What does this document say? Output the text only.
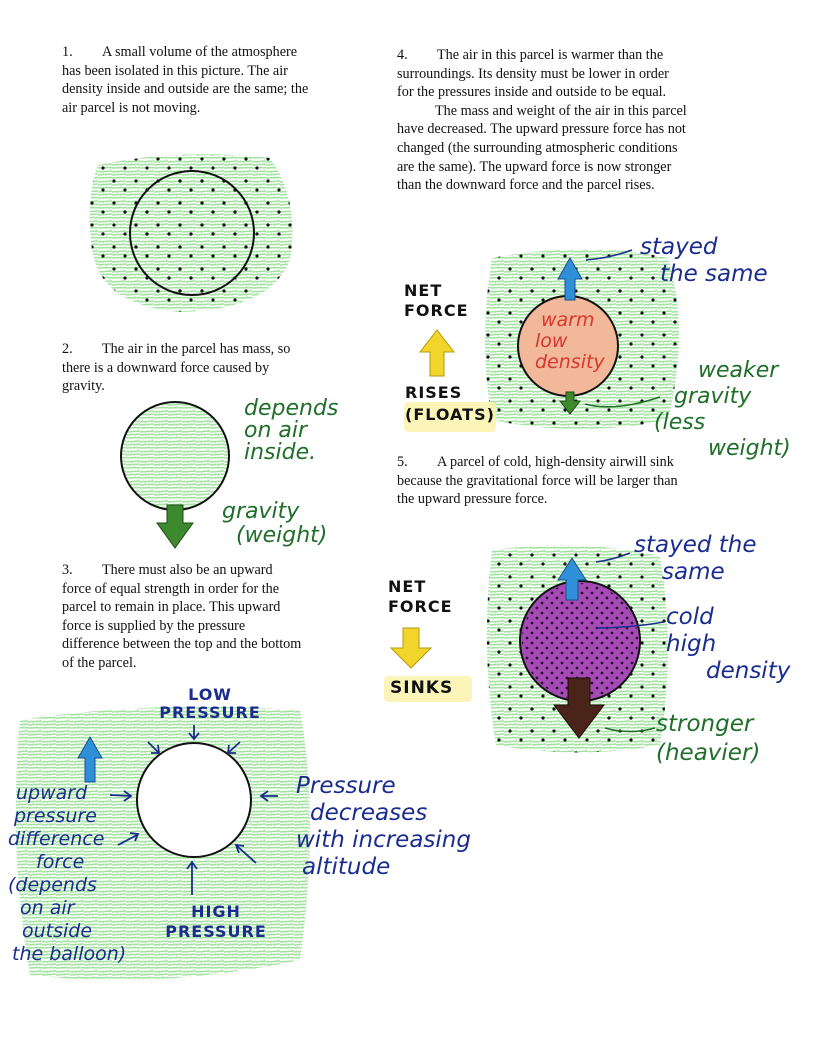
1. A small volume of the atmosphere has been isolated in this picture. The air density inside and outside are the same; the air parcel is not moving.

2. The air in the parcel has mass, so there is a downward force caused by gravity.

3. There must also be an upward force of equal strength in order for the parcel to remain in place. This upward force is supplied by the pressure difference between the top and the bottom of the parcel.

4. The air in this parcel is warmer than the surroundings. Its density must be lower in order for the pressures inside and outside to be equal.
The mass and weight of the air in this parcel have decreased. The upward pressure force has not changed (the surrounding atmospheric conditions are the same). The upward force is now stronger than the downward force and the parcel rises.

5. A parcel of cold, high-density airwill sink because the gravitational force will be larger than the upward pressure force.

depends
on air
inside.
gravity
(weight)
LOW
PRESSURE
HIGH
PRESSURE
Pressure
decreases
with increasing
altitude
upward
pressure
difference
force
(depends
on air
outside
the balloon)
NET
FORCE
RISES
(FLOATS)
warm
low
density
stayed
the same
weaker
gravity
(less
weight)
NET
FORCE
SINKS
stayed the
same
cold
high
density
stronger
(heavier)
